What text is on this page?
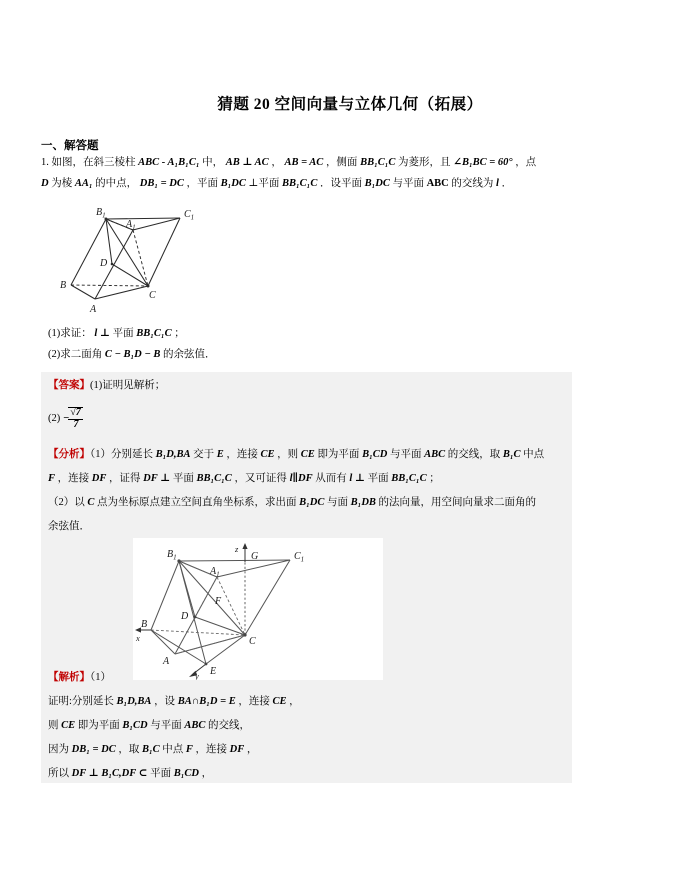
猜题 20 空间向量与立体几何（拓展）
一、解答题
1. 如图，在斜三棱柱 ABC - A₁B₁C₁ 中， AB ⊥ AC ， AB = AC ，侧面 BB₁C₁C 为菱形，且 ∠B₁BC = 60° ，点
D 为棱 AA₁ 的中点， DB₁ = DC ，平面 B₁DC ⊥平面 BB₁C₁C ．设平面 B₁DC 与平面 ABC 的交线为 l ．
$B_1$
$A_1$
$C_1$
D
B
C
A
(1)求证： l ⊥ 平面 BB₁C₁C ；
(2)求二面角 C − B₁D − B 的余弦值．
【答案】(1)证明见解析；
$(2) - \frac{√7}{7}$
【分析】（1）分别延长 B₁D,BA 交于 E ，连接 CE ，则 CE 即为平面 B₁CD 与平面 ABC 的交线，取 B₁C 中点
F ，连接 DF ，证得 DF ⊥ 平面 BB₁C₁C ，又可证得 l∥DF 从而有 l ⊥ 平面 BB₁C₁C ；
（2）以 C 点为坐标原点建立空间直角坐标系，求出面 B₁DC 与面 B₁DB 的法向量，用空间向量求二面角的
余弦值．
$B_1$
$A_1$
$C_1$
G
F
D
B
C
A
E
z
x
y
【解析】（1）
证明:分别延长 B₁D,BA ，设 BA∩B₁D = E ，连接 CE ，
则 CE 即为平面 B₁CD 与平面 ABC 的交线，
因为 DB₁ = DC ，取 B₁C 中点 F ，连接 DF ，
所以 DF ⊥ B₁C,DF ⊂ 平面 B₁CD ，
